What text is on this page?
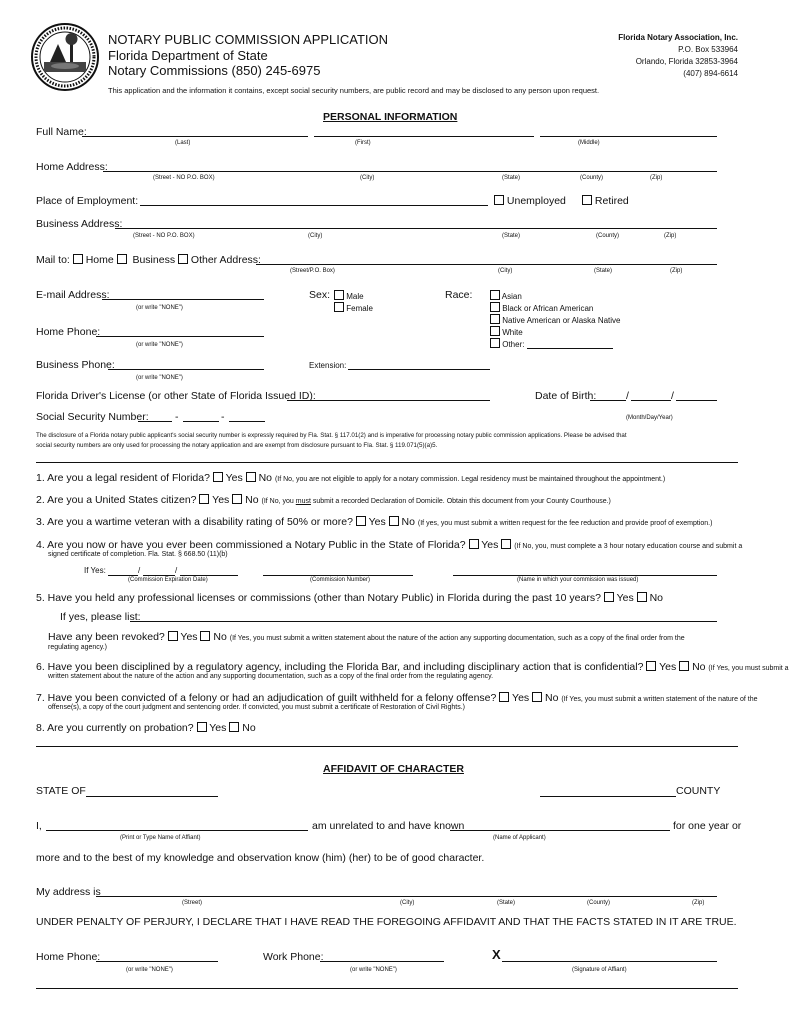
NOTARY PUBLIC COMMISSION APPLICATION
Florida Department of State
Notary Commissions (850) 245-6975
Florida Notary Association, Inc.
P.O. Box 533964
Orlando, Florida 32853-3964
(407) 894-6614
This application and the information it contains, except social security numbers, are public record and may be disclosed to any person upon request.
PERSONAL INFORMATION
Full Name:
(Last)	(First)	(Middle)
Home Address:
(Street - NO P.O. BOX)	(City)	(State)	(County)	(Zip)
Place of Employment:	Unemployed	Retired
Business Address:
(Street - NO P.O. BOX)	(City)	(State)	(County)	(Zip)
Mail to: Home Business Other Address:
(Street/P.O. Box)	(City)	(State)	(Zip)
E-mail Address:
(or write "NONE")
Sex:	Male
Female
Race:	Asian
Black or African American
Native American or Alaska Native
White
Other:
Home Phone:
(or write "NONE")
Business Phone:
(or write "NONE")
Extension:
Florida Driver's License (or other State of Florida Issued ID):	Date of Birth:	/	/
Social Security Number:	-	-	(Month/Day/Year)
The disclosure of a Florida notary public applicant's social security number is expressly required by Fla. Stat. § 117.01(2) and is imperative for processing notary public commission applications. Please be advised that
social security numbers are only used for processing the notary application and are exempt from disclosure pursuant to Fla. Stat. § 119.071(5)(a)5.
1. Are you a legal resident of Florida? Yes No (If No, you are not eligible to apply for a notary commission. Legal residency must be maintained throughout the appointment.)
2. Are you a United States citizen? Yes No (If No, you must submit a recorded Declaration of Domicile. Obtain this document from your County Courthouse.)
3. Are you a wartime veteran with a disability rating of 50% or more? Yes No (If yes, you must submit a written request for the fee reduction and provide proof of exemption.)
4. Are you now or have you ever been commissioned a Notary Public in the State of Florida? Yes (If No, you, must complete a 3 hour notary education course and submit a
signed certificate of completion. Fla. Stat. § 668.50 (11)(b)
If Yes:	/	/
(Commission Expiration Date)	(Commission Number)	(Name in which your commission was issued)
5. Have you held any professional licenses or commissions (other than Notary Public) in Florida during the past 10 years? Yes No
If yes, please list:
Have any been revoked? Yes No (If Yes, you must submit a written statement about the nature of the action any supporting documentation, such as a copy of the final order from the
regulating agency.)
6. Have you been disciplined by a regulatory agency, including the Florida Bar, and including disciplinary action that is confidential? Yes No (If Yes, you must submit a
written statement about the nature of the action and any supporting documentation, such as a copy of the final order from the regulating agency.
7. Have you been convicted of a felony or had an adjudication of guilt withheld for a felony offense? Yes No (If Yes, you must submit a written statement of the nature of the
offense(s), a copy of the court judgment and sentencing order. If convicted, you must submit a certificate of Restoration of Civil Rights.)
8. Are you currently on probation? Yes No
AFFIDAVIT OF CHARACTER
STATE OF	COUNTY
I,	am unrelated to and have known	for one year or
(Print or Type Name of Affiant)	(Name of Applicant)
more and to the best of my knowledge and observation know (him) (her) to be of good character.
My address is
(Street)	(City)	(State)	(County)	(Zip)
UNDER PENALTY OF PERJURY, I DECLARE THAT I HAVE READ THE FOREGOING AFFIDAVIT AND THAT THE FACTS STATED IN IT ARE TRUE.
Home Phone:
(or write "NONE")
Work Phone:
(or write "NONE")
X
(Signature of Affiant)
